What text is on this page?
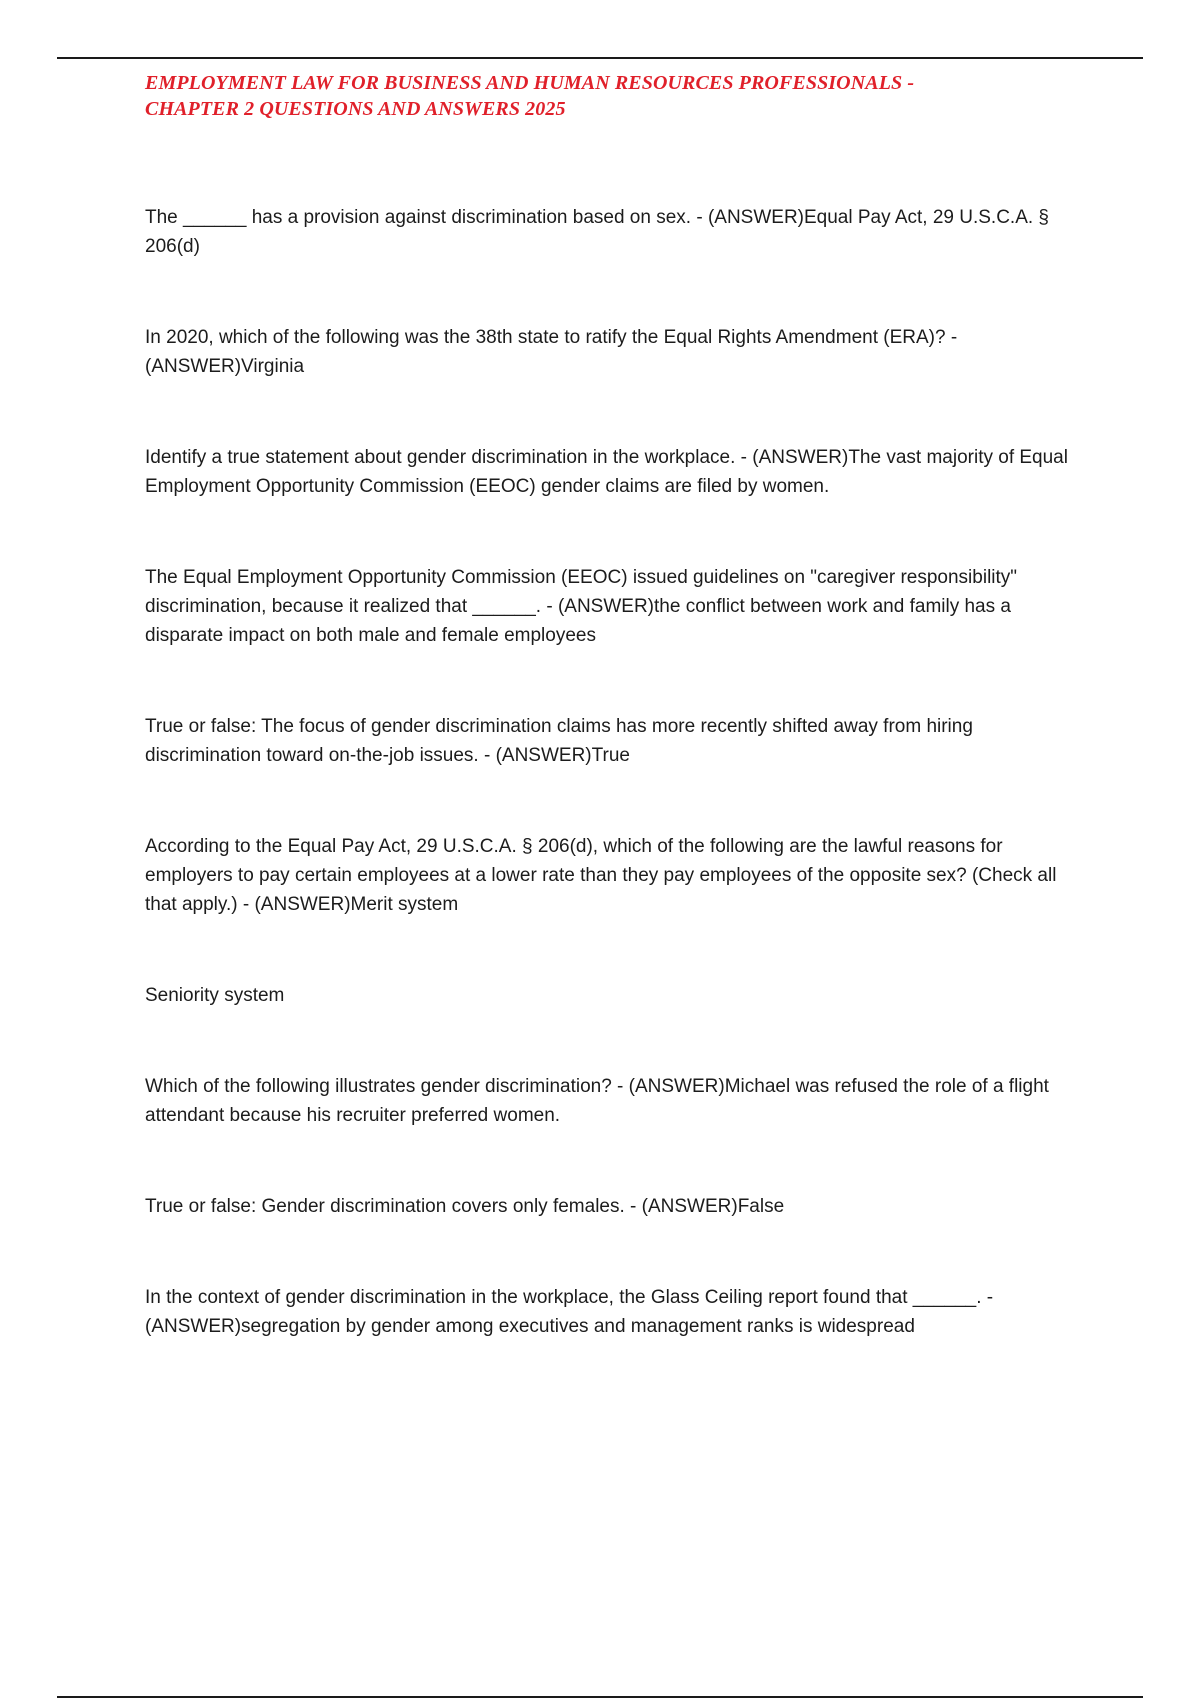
EMPLOYMENT LAW FOR BUSINESS AND HUMAN RESOURCES PROFESSIONALS -
CHAPTER 2 QUESTIONS AND ANSWERS 2025
The ______ has a provision against discrimination based on sex. - (ANSWER)Equal Pay Act, 29 U.S.C.A. § 206(d)
In 2020, which of the following was the 38th state to ratify the Equal Rights Amendment (ERA)? - (ANSWER)Virginia
Identify a true statement about gender discrimination in the workplace. - (ANSWER)The vast majority of Equal Employment Opportunity Commission (EEOC) gender claims are filed by women.
The Equal Employment Opportunity Commission (EEOC) issued guidelines on "caregiver responsibility" discrimination, because it realized that ______. - (ANSWER)the conflict between work and family has a disparate impact on both male and female employees
True or false: The focus of gender discrimination claims has more recently shifted away from hiring discrimination toward on-the-job issues. - (ANSWER)True
According to the Equal Pay Act, 29 U.S.C.A. § 206(d), which of the following are the lawful reasons for employers to pay certain employees at a lower rate than they pay employees of the opposite sex? (Check all that apply.) - (ANSWER)Merit system
Seniority system
Which of the following illustrates gender discrimination? - (ANSWER)Michael was refused the role of a flight attendant because his recruiter preferred women.
True or false: Gender discrimination covers only females. - (ANSWER)False
In the context of gender discrimination in the workplace, the Glass Ceiling report found that ______. - (ANSWER)segregation by gender among executives and management ranks is widespread
